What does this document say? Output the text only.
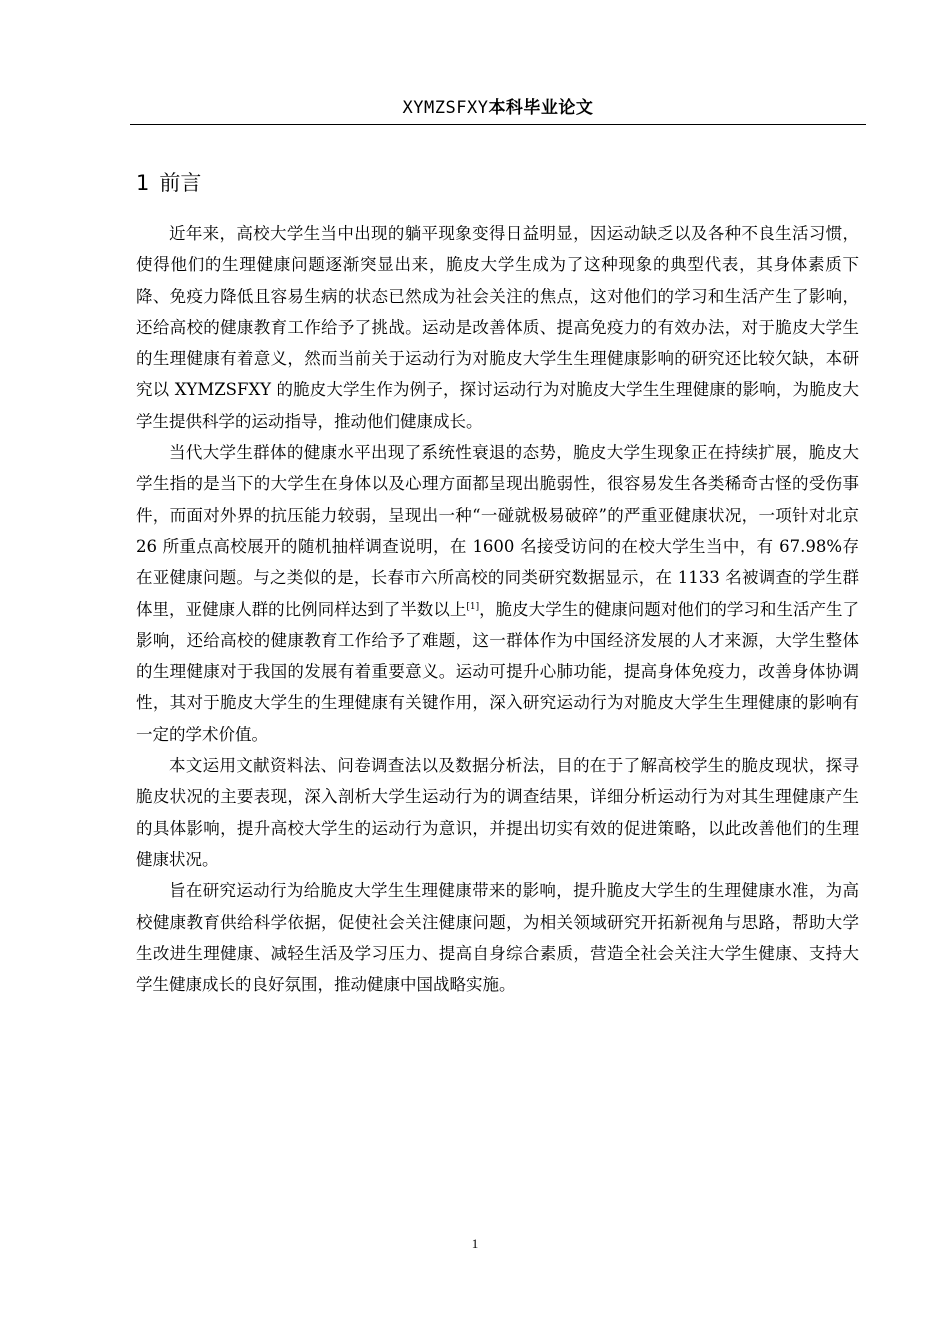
XYMZSFXY本科毕业论文
1 前言

近年来，高校大学生当中出现的躺平现象变得日益明显，因运动缺乏以及各种不良生活习惯，使得他们的生理健康问题逐渐突显出来，脆皮大学生成为了这种现象的典型代表，其身体素质下降、免疫力降低且容易生病的状态已然成为社会关注的焦点，这对他们的学习和生活产生了影响，还给高校的健康教育工作给予了挑战。运动是改善体质、提高免疫力的有效办法，对于脆皮大学生的生理健康有着意义，然而当前关于运动行为对脆皮大学生生理健康影响的研究还比较欠缺，本研究以 XYMZSFXY 的脆皮大学生作为例子，探讨运动行为对脆皮大学生生理健康的影响，为脆皮大学生提供科学的运动指导，推动他们健康成长。

当代大学生群体的健康水平出现了系统性衰退的态势，脆皮大学生现象正在持续扩展，脆皮大学生指的是当下的大学生在身体以及心理方面都呈现出脆弱性，很容易发生各类稀奇古怪的受伤事件，而面对外界的抗压能力较弱，呈现出一种“一碰就极易破碎”的严重亚健康状况，一项针对北京 26 所重点高校展开的随机抽样调查说明，在 1600 名接受访问的在校大学生当中，有 67.98%存在亚健康问题。与之类似的是，长春市六所高校的同类研究数据显示，在 1133 名被调查的学生群体里，亚健康人群的比例同样达到了半数以上[1]，脆皮大学生的健康问题对他们的学习和生活产生了影响，还给高校的健康教育工作给予了难题，这一群体作为中国经济发展的人才来源，大学生整体的生理健康对于我国的发展有着重要意义。运动可提升心肺功能，提高身体免疫力，改善身体协调性，其对于脆皮大学生的生理健康有关键作用，深入研究运动行为对脆皮大学生生理健康的影响有一定的学术价值。

本文运用文献资料法、问卷调查法以及数据分析法，目的在于了解高校学生的脆皮现状，探寻脆皮状况的主要表现，深入剖析大学生运动行为的调查结果，详细分析运动行为对其生理健康产生的具体影响，提升高校大学生的运动行为意识，并提出切实有效的促进策略，以此改善他们的生理健康状况。

旨在研究运动行为给脆皮大学生生理健康带来的影响，提升脆皮大学生的生理健康水准，为高校健康教育供给科学依据，促使社会关注健康问题，为相关领域研究开拓新视角与思路，帮助大学生改进生理健康、减轻生活及学习压力、提高自身综合素质，营造全社会关注大学生健康、支持大学生健康成长的良好氛围，推动健康中国战略实施。

1
